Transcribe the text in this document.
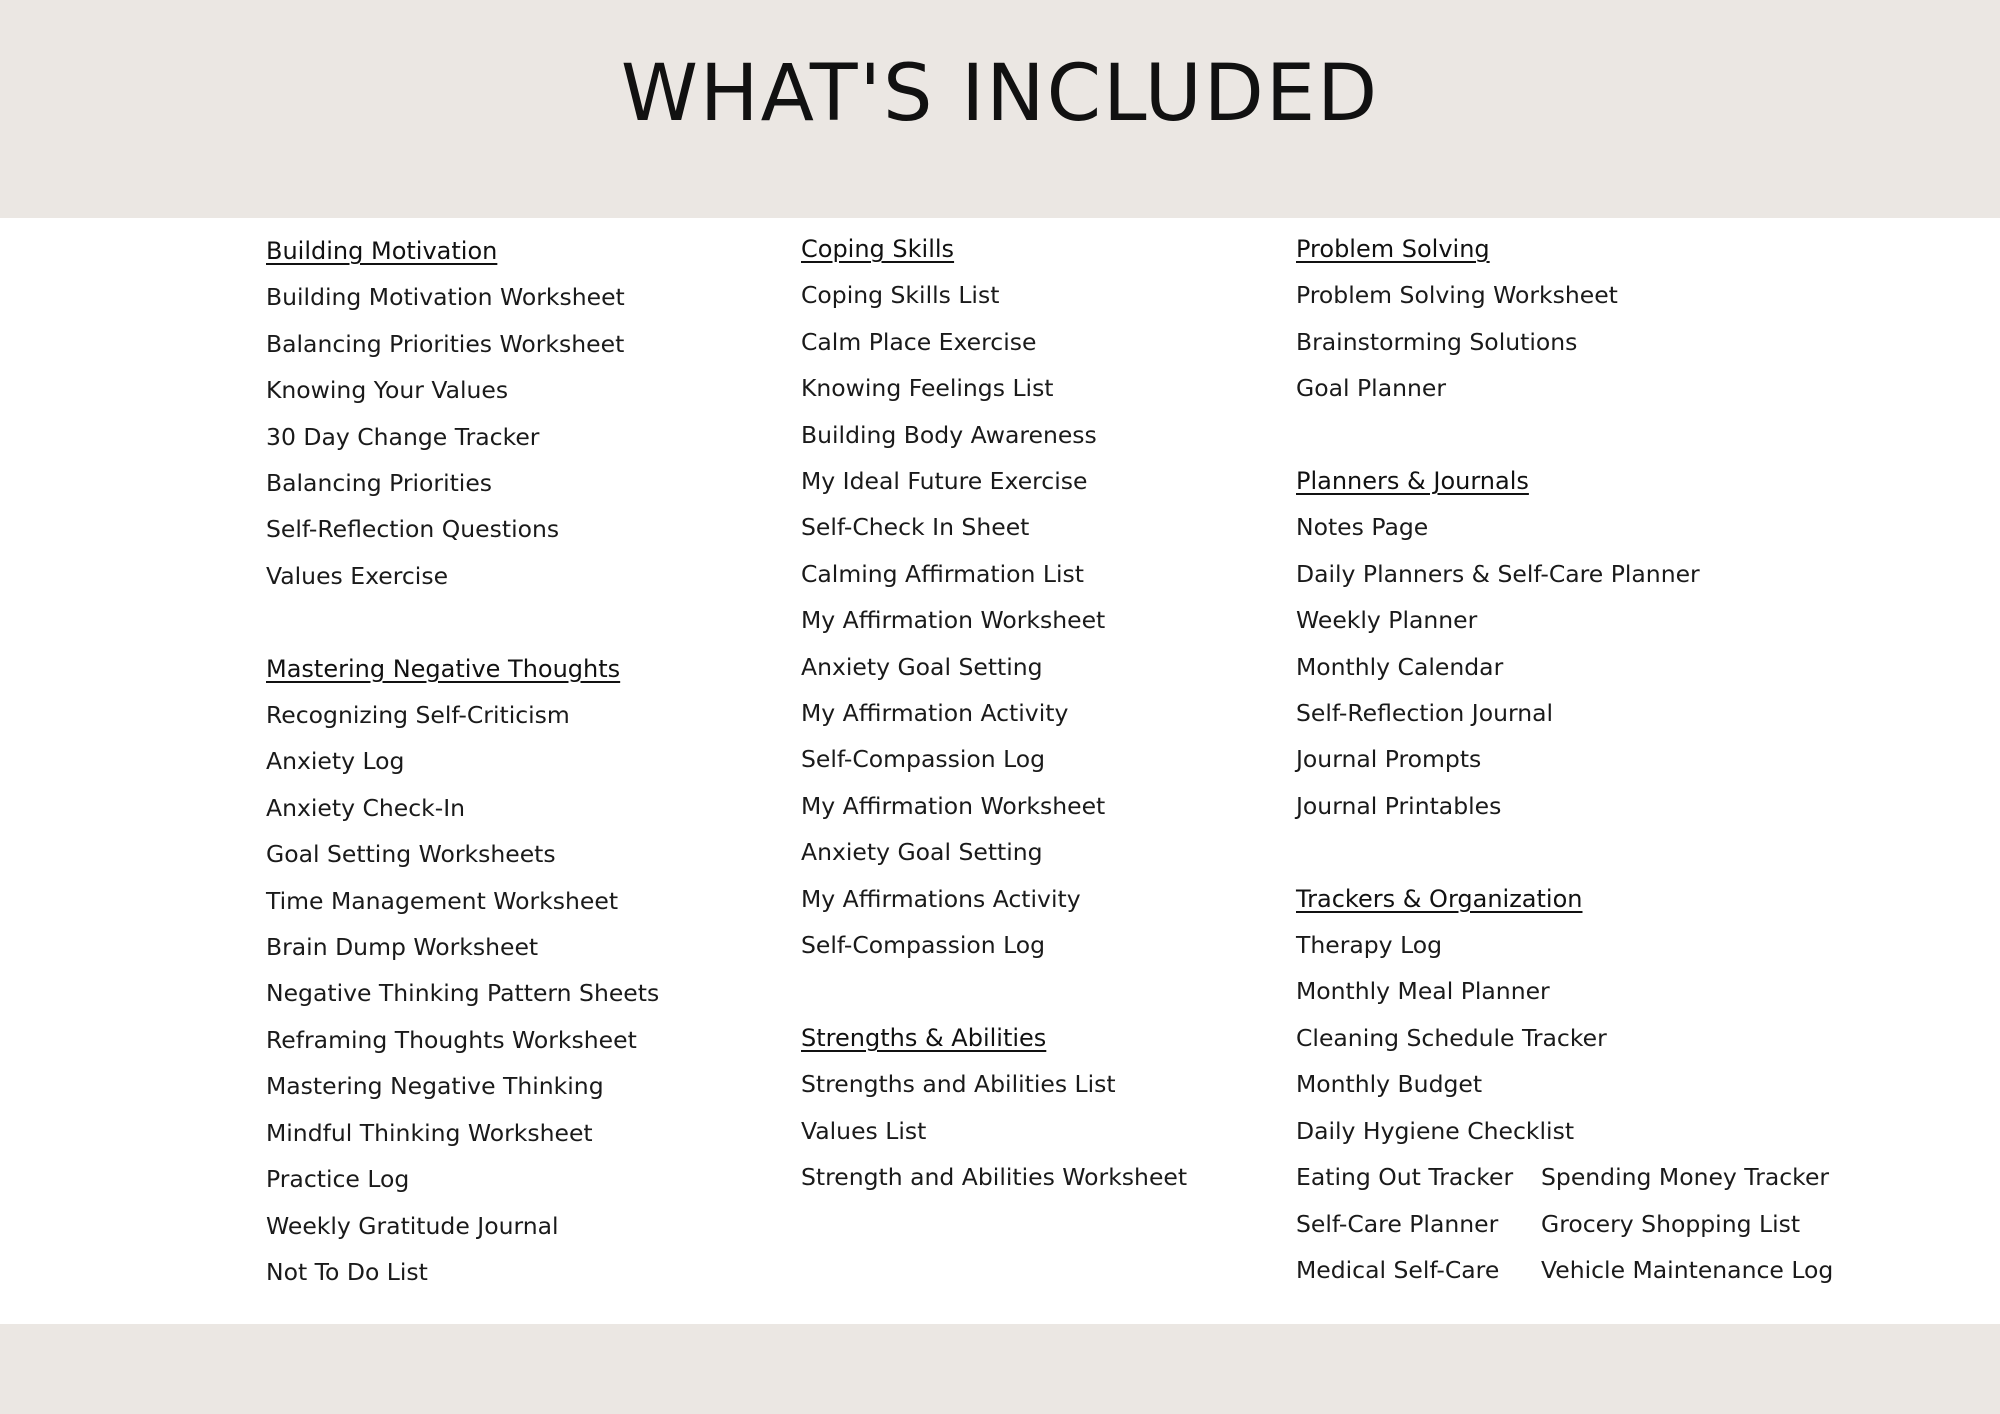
WHAT'S INCLUDED
Building Motivation
Building Motivation Worksheet
Balancing Priorities Worksheet
Knowing Your Values
30 Day Change Tracker
Balancing Priorities
Self-Reflection Questions
Values Exercise
Mastering Negative Thoughts
Recognizing Self-Criticism
Anxiety Log
Anxiety Check-In
Goal Setting Worksheets
Time Management Worksheet
Brain Dump Worksheet
Negative Thinking Pattern Sheets
Reframing Thoughts Worksheet
Mastering Negative Thinking
Mindful Thinking Worksheet
Practice Log
Weekly Gratitude Journal
Not To Do List
Coping Skills
Coping Skills List
Calm Place Exercise
Knowing Feelings List
Building Body Awareness
My Ideal Future Exercise
Self-Check In Sheet
Calming Affirmation List
My Affirmation Worksheet
Anxiety Goal Setting
My Affirmation Activity
Self-Compassion Log
My Affirmation Worksheet
Anxiety Goal Setting
My Affirmations Activity
Self-Compassion Log
Strengths & Abilities
Strengths and Abilities List
Values List
Strength and Abilities Worksheet
Problem Solving
Problem Solving Worksheet
Brainstorming Solutions
Goal Planner
Planners & Journals
Notes Page
Daily Planners & Self-Care Planner
Weekly Planner
Monthly Calendar
Self-Reflection Journal
Journal Prompts
Journal Printables
Trackers & Organization
Therapy Log
Monthly Meal Planner
Cleaning Schedule Tracker
Monthly Budget
Daily Hygiene Checklist
Eating Out Tracker	Spending Money Tracker
Self-Care Planner	Grocery Shopping List
Medical Self-Care	Vehicle Maintenance Log
